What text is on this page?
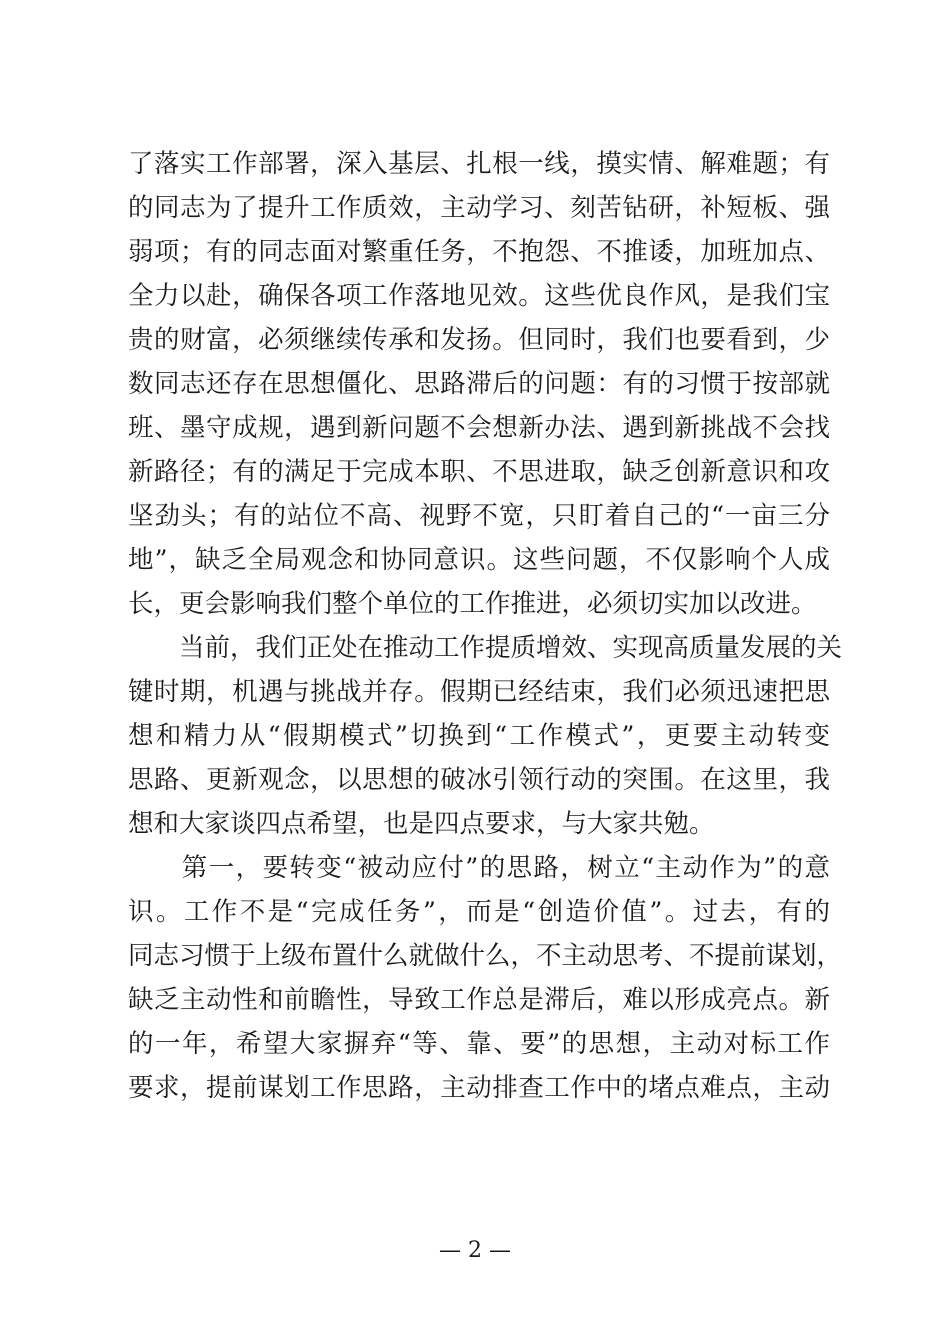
了落实工作部署，深入基层、扎根一线，摸实情、解难题；有
的同志为了提升工作质效，主动学习、刻苦钻研，补短板、强
弱项；有的同志面对繁重任务，不抱怨、不推诿，加班加点、
全力以赴，确保各项工作落地见效。这些优良作风，是我们宝
贵的财富，必须继续传承和发扬。但同时，我们也要看到，少
数同志还存在思想僵化、思路滞后的问题：有的习惯于按部就
班、墨守成规，遇到新问题不会想新办法、遇到新挑战不会找
新路径；有的满足于完成本职、不思进取，缺乏创新意识和攻
坚劲头；有的站位不高、视野不宽，只盯着自己的“一亩三分
地”，缺乏全局观念和协同意识。这些问题，不仅影响个人成
长，更会影响我们整个单位的工作推进，必须切实加以改进。
　　当前，我们正处在推动工作提质增效、实现高质量发展的关
键时期，机遇与挑战并存。假期已经结束，我们必须迅速把思
想和精力从“假期模式”切换到“工作模式”，更要主动转变
思路、更新观念，以思想的破冰引领行动的突围。在这里，我
想和大家谈四点希望，也是四点要求，与大家共勉。
　　第一，要转变“被动应付”的思路，树立“主动作为”的意
识。工作不是“完成任务”，而是“创造价值”。过去，有的
同志习惯于上级布置什么就做什么，不主动思考、不提前谋划，
缺乏主动性和前瞻性，导致工作总是滞后，难以形成亮点。新
的一年，希望大家摒弃“等、靠、要”的思想，主动对标工作
要求，提前谋划工作思路，主动排查工作中的堵点难点，主动
— 2 —
